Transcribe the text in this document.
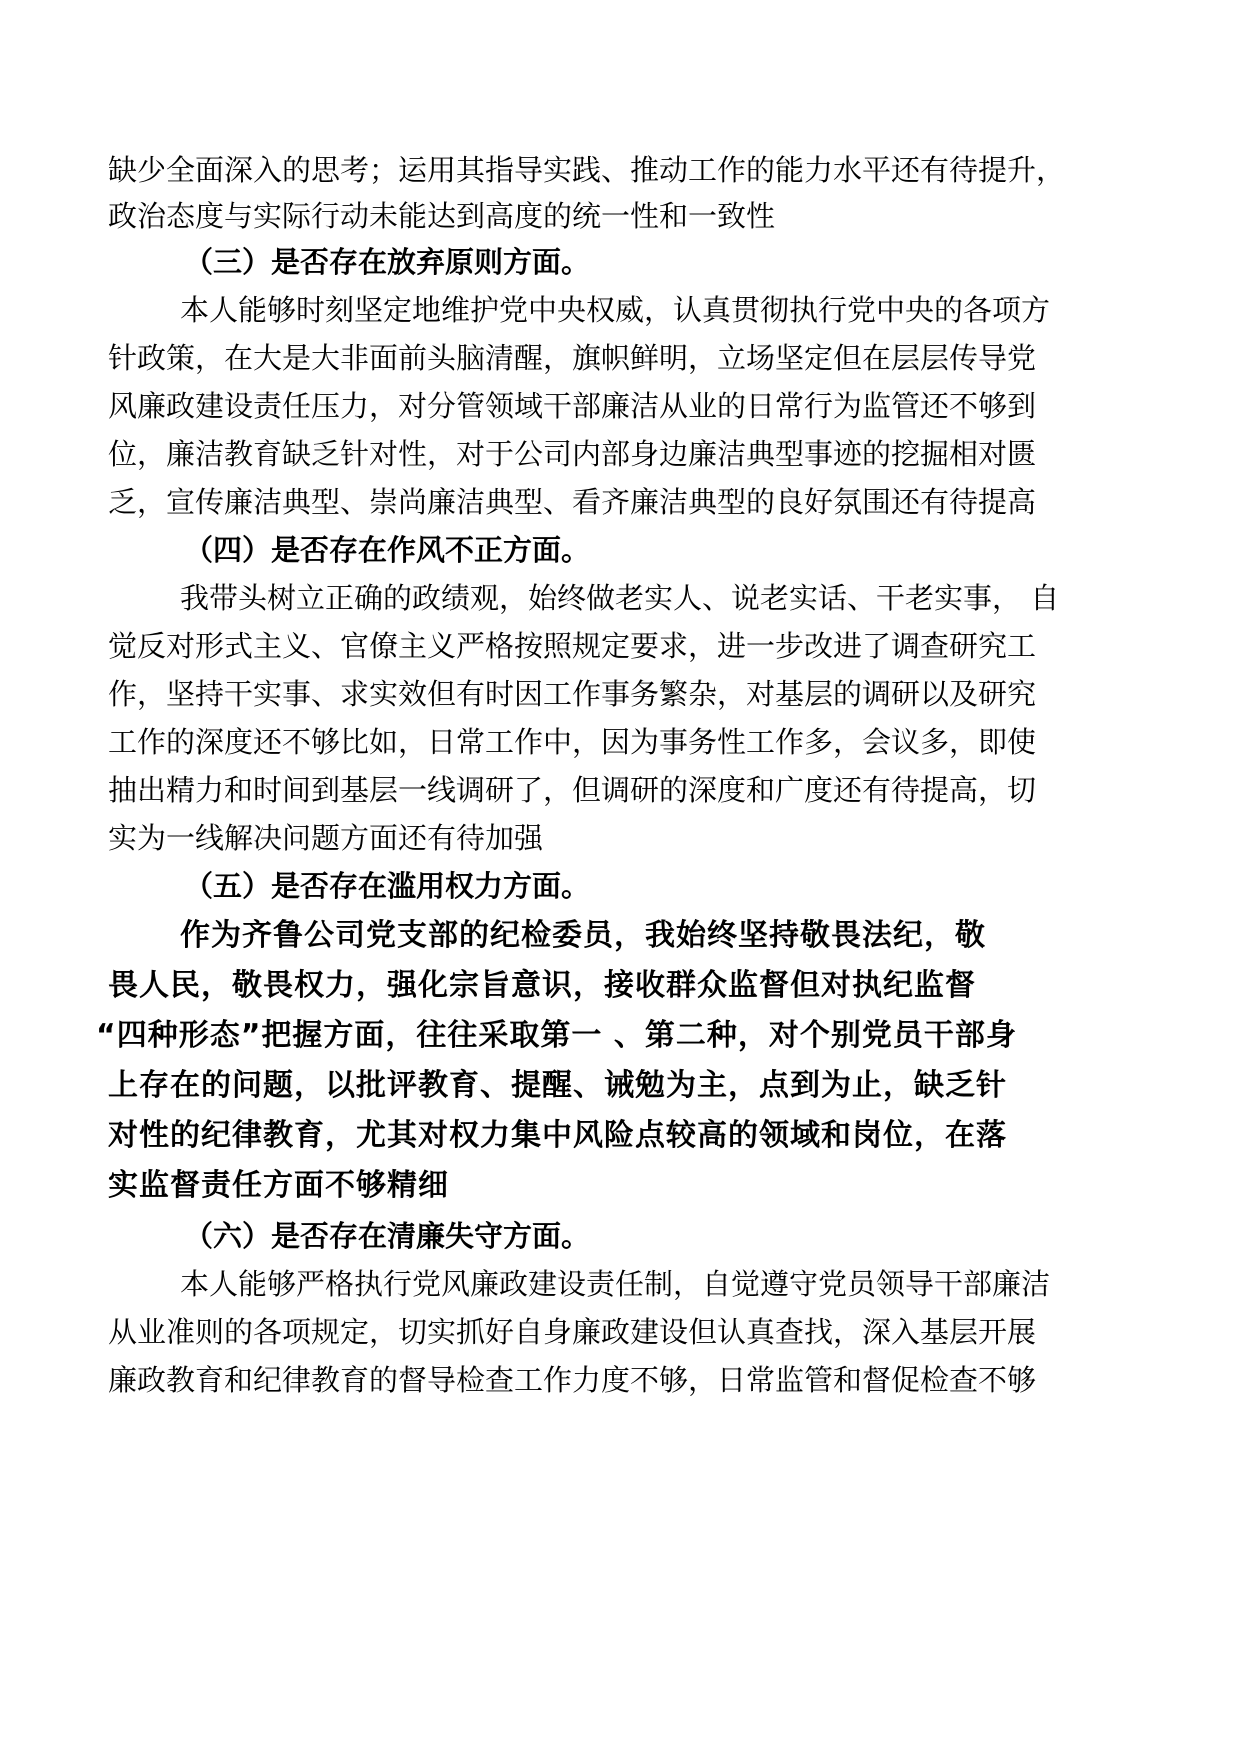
缺少全面深入的思考；运用其指导实践、推动工作的能力水平还有待提升，
政治态度与实际行动未能达到高度的统一性和一致性
（三）是否存在放弃原则方面。
本人能够时刻坚定地维护党中央权威，认真贯彻执行党中央的各项方
针政策，在大是大非面前头脑清醒，旗帜鲜明，立场坚定但在层层传导党
风廉政建设责任压力，对分管领域干部廉洁从业的日常行为监管还不够到
位，廉洁教育缺乏针对性，对于公司内部身边廉洁典型事迹的挖掘相对匮
乏，宣传廉洁典型、崇尚廉洁典型、看齐廉洁典型的良好氛围还有待提高
（四）是否存在作风不正方面。
我带头树立正确的政绩观，始终做老实人、说老实话、干老实事， 自
觉反对形式主义、官僚主义严格按照规定要求，进一步改进了调查研究工
作，坚持干实事、求实效但有时因工作事务繁杂，对基层的调研以及研究
工作的深度还不够比如，日常工作中，因为事务性工作多，会议多，即使
抽出精力和时间到基层一线调研了，但调研的深度和广度还有待提高，切
实为一线解决问题方面还有待加强
（五）是否存在滥用权力方面。
作为齐鲁公司党支部的纪检委员，我始终坚持敬畏法纪，敬
畏人民，敬畏权力，强化宗旨意识，接收群众监督但对执纪监督
“四种形态”把握方面，往往采取第一 、第二种，对个别党员干部身
上存在的问题，以批评教育、提醒、诫勉为主，点到为止，缺乏针
对性的纪律教育，尤其对权力集中风险点较高的领域和岗位，在落
实监督责任方面不够精细
（六）是否存在清廉失守方面。
本人能够严格执行党风廉政建设责任制，自觉遵守党员领导干部廉洁
从业准则的各项规定，切实抓好自身廉政建设但认真查找，深入基层开展
廉政教育和纪律教育的督导检查工作力度不够，日常监管和督促检查不够
